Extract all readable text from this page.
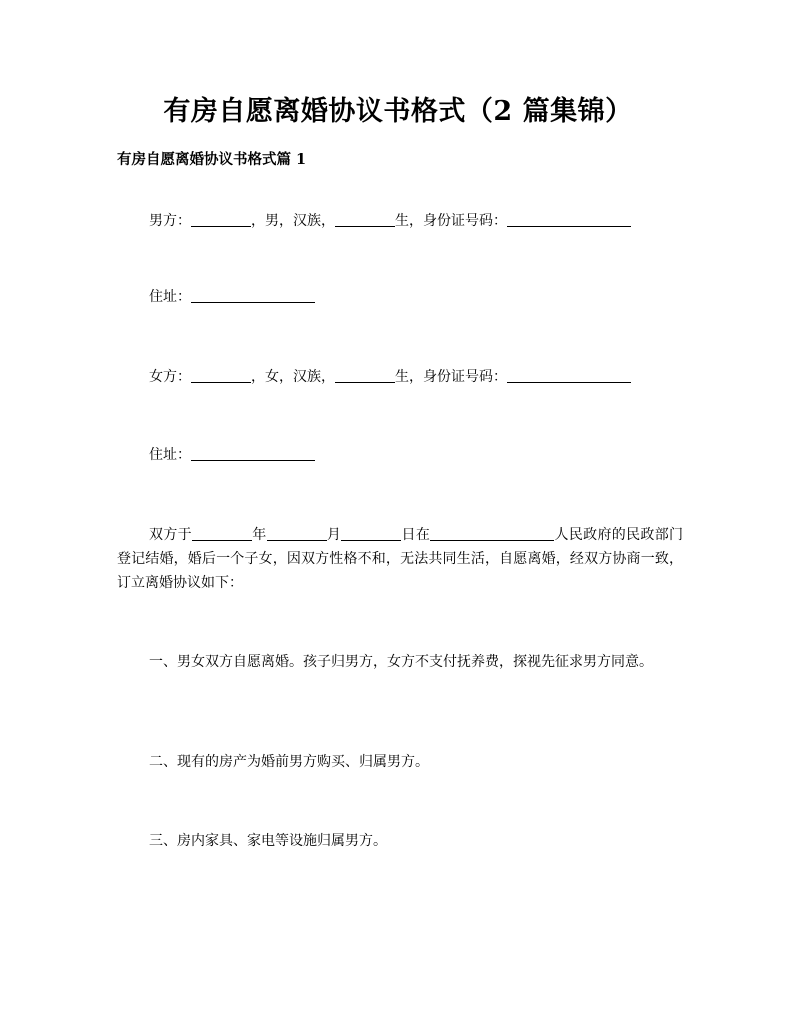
有房自愿离婚协议书格式（2 篇集锦）
有房自愿离婚协议书格式篇 1

男方：	，男，汉族，	生，身份证号码：

住址：

女方：	，女，汉族，	生，身份证号码：

住址：

双方于	年	月	日在	人民政府的民政部门登记结婚，婚后一个子女，因双方性格不和，无法共同生活，自愿离婚，经双方协商一致，订立离婚协议如下：

一、男女双方自愿离婚。孩子归男方，女方不支付抚养费，探视先征求男方同意。

二、现有的房产为婚前男方购买、归属男方。

三、房内家具、家电等设施归属男方。
